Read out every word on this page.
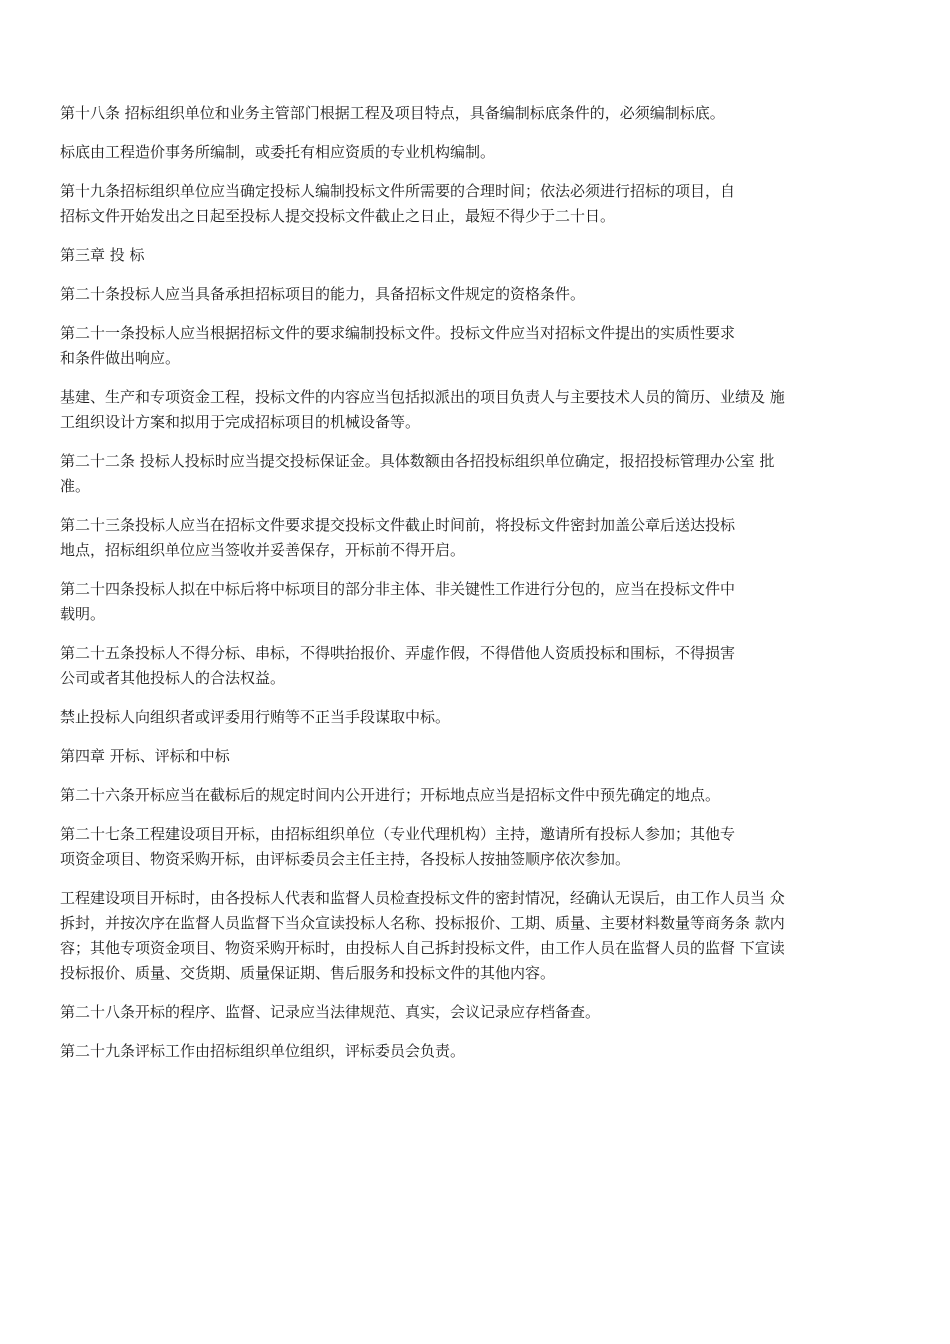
第十八条 招标组织单位和业务主管部门根据工程及项目特点，具备编制标底条件的，必须编制标底。

标底由工程造价事务所编制，或委托有相应资质的专业机构编制。

第十九条招标组织单位应当确定投标人编制投标文件所需要的合理时间；依法必须进行招标的项目，自
招标文件开始发出之日起至投标人提交投标文件截止之日止，最短不得少于二十日。

第三章 投 标

第二十条投标人应当具备承担招标项目的能力，具备招标文件规定的资格条件。

第二十一条投标人应当根据招标文件的要求编制投标文件。投标文件应当对招标文件提出的实质性要求
和条件做出响应。

基建、生产和专项资金工程，投标文件的内容应当包括拟派出的项目负责人与主要技术人员的简历、业绩及 施
工组织设计方案和拟用于完成招标项目的机械设备等。

第二十二条 投标人投标时应当提交投标保证金。具体数额由各招投标组织单位确定，报招投标管理办公室 批
准。

第二十三条投标人应当在招标文件要求提交投标文件截止时间前，将投标文件密封加盖公章后送达投标
地点，招标组织单位应当签收并妥善保存，开标前不得开启。

第二十四条投标人拟在中标后将中标项目的部分非主体、非关键性工作进行分包的，应当在投标文件中
载明。

第二十五条投标人不得分标、串标，不得哄抬报价、弄虚作假，不得借他人资质投标和围标，不得损害
公司或者其他投标人的合法权益。

禁止投标人向组织者或评委用行贿等不正当手段谋取中标。

第四章 开标、评标和中标

第二十六条开标应当在截标后的规定时间内公开进行；开标地点应当是招标文件中预先确定的地点。

第二十七条工程建设项目开标，由招标组织单位（专业代理机构）主持，邀请所有投标人参加；其他专
项资金项目、物资采购开标，由评标委员会主任主持，各投标人按抽签顺序依次参加。

工程建设项目开标时，由各投标人代表和监督人员检查投标文件的密封情况，经确认无误后，由工作人员当 众
拆封，并按次序在监督人员监督下当众宣读投标人名称、投标报价、工期、质量、主要材料数量等商务条 款内
容；其他专项资金项目、物资采购开标时，由投标人自己拆封投标文件，由工作人员在监督人员的监督 下宣读
投标报价、质量、交货期、质量保证期、售后服务和投标文件的其他内容。

第二十八条开标的程序、监督、记录应当法律规范、真实，会议记录应存档备查。

第二十九条评标工作由招标组织单位组织，评标委员会负责。
